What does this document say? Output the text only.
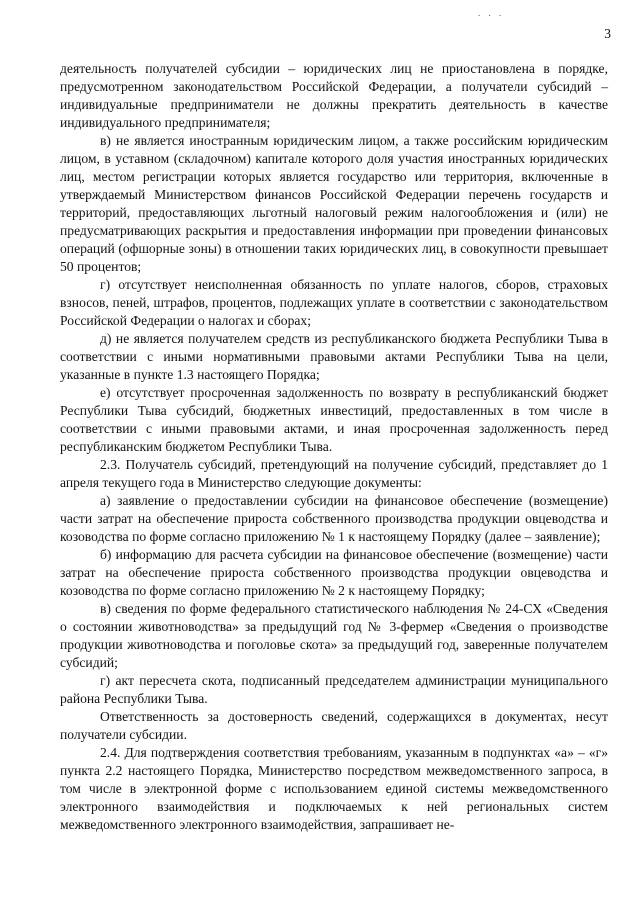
. . .
3

деятельность получателей субсидии – юридических лиц не приостановлена в порядке, предусмотренном законодательством Российской Федерации, а получатели субсидий – индивидуальные предприниматели не должны прекратить деятельность в качестве индивидуального предпринимателя;

в) не является иностранным юридическим лицом, а также российским юридическим лицом, в уставном (складочном) капитале которого доля участия иностранных юридических лиц, местом регистрации которых является государство или территория, включенные в утверждаемый Министерством финансов Российской Федерации перечень государств и территорий, предоставляющих льготный налоговый режим налогообложения и (или) не предусматривающих раскрытия и предоставления информации при проведении финансовых операций (офшорные зоны) в отношении таких юридических лиц, в совокупности превышает 50 процентов;

г) отсутствует неисполненная обязанность по уплате налогов, сборов, страховых взносов, пеней, штрафов, процентов, подлежащих уплате в соответствии с законодательством Российской Федерации о налогах и сборах;

д) не является получателем средств из республиканского бюджета Республики Тыва в соответствии с иными нормативными правовыми актами Республики Тыва на цели, указанные в пункте 1.3 настоящего Порядка;

е) отсутствует просроченная задолженность по возврату в республиканский бюджет Республики Тыва субсидий, бюджетных инвестиций, предоставленных в том числе в соответствии с иными правовыми актами, и иная просроченная задолженность перед республиканским бюджетом Республики Тыва.

2.3. Получатель субсидий, претендующий на получение субсидий, представляет до 1 апреля текущего года в Министерство следующие документы:

а) заявление о предоставлении субсидии на финансовое обеспечение (возмещение) части затрат на обеспечение прироста собственного производства продукции овцеводства и козоводства по форме согласно приложению № 1 к настоящему Порядку (далее – заявление);

б) информацию для расчета субсидии на финансовое обеспечение (возмещение) части затрат на обеспечение прироста собственного производства продукции овцеводства и козоводства по форме согласно приложению № 2 к настоящему Порядку;

в) сведения по форме федерального статистического наблюдения № 24-СХ «Сведения о состоянии животноводства» за предыдущий год № 3-фермер «Сведения о производстве продукции животноводства и поголовье скота» за предыдущий год, заверенные получателем субсидий;

г) акт пересчета скота, подписанный председателем администрации муниципального района Республики Тыва.

Ответственность за достоверность сведений, содержащихся в документах, несут получатели субсидии.

2.4. Для подтверждения соответствия требованиям, указанным в подпунктах «а» – «г» пункта 2.2 настоящего Порядка, Министерство посредством межведомственного запроса, в том числе в электронной форме с использованием единой системы межведомственного электронного взаимодействия и подключаемых к ней региональных систем межведомственного электронного взаимодействия, запрашивает не-
